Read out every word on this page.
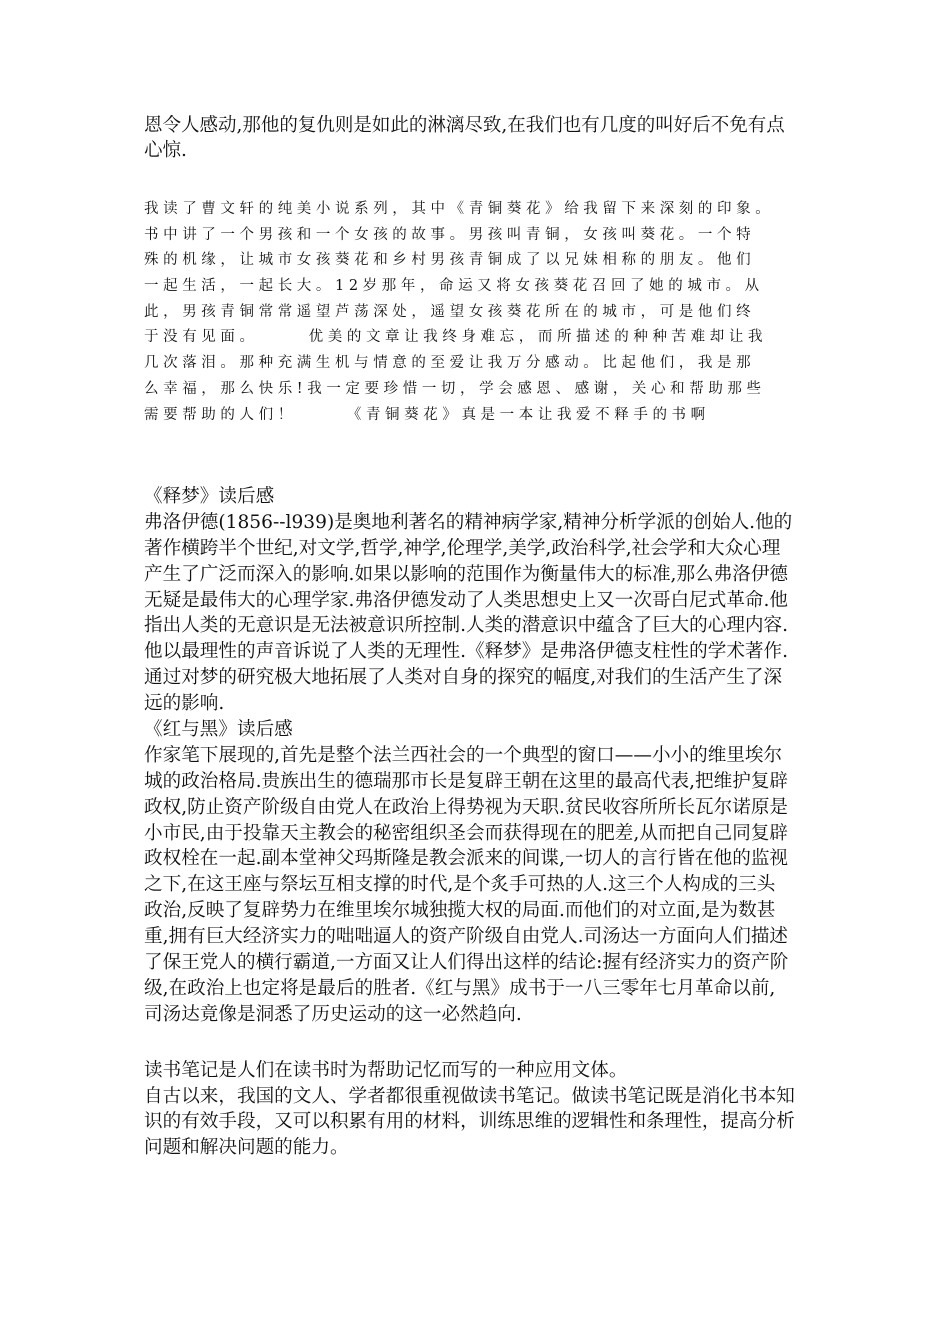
恩令人感动,那他的复仇则是如此的淋漓尽致,在我们也有几度的叫好后不免有点
心惊.
我读了曹文轩的纯美小说系列，其中《青铜葵花》给我留下来深刻的印象。
书中讲了一个男孩和一个女孩的故事。男孩叫青铜，女孩叫葵花。一个特
殊的机缘，让城市女孩葵花和乡村男孩青铜成了以兄妹相称的朋友。他们
一起生活，一起长大。12岁那年，命运又将女孩葵花召回了她的城市。从
此，男孩青铜常常遥望芦荡深处，遥望女孩葵花所在的城市，可是他们终
于没有见面。　　　优美的文章让我终身难忘，而所描述的种种苦难却让我
几次落泪。那种充满生机与情意的至爱让我万分感动。比起他们，我是那
么幸福，那么快乐!我一定要珍惜一切，学会感恩、感谢，关心和帮助那些
需要帮助的人们！　　　《青铜葵花》真是一本让我爱不释手的书啊
《释梦》读后感
弗洛伊德(1856--l939)是奥地利著名的精神病学家,精神分析学派的创始人.他的
著作横跨半个世纪,对文学,哲学,神学,伦理学,美学,政治科学,社会学和大众心理
产生了广泛而深入的影响.如果以影响的范围作为衡量伟大的标准,那么弗洛伊德
无疑是最伟大的心理学家.弗洛伊德发动了人类思想史上又一次哥白尼式革命.他
指出人类的无意识是无法被意识所控制.人类的潜意识中蕴含了巨大的心理内容.
他以最理性的声音诉说了人类的无理性.《释梦》是弗洛伊德支柱性的学术著作.
通过对梦的研究极大地拓展了人类对自身的探究的幅度,对我们的生活产生了深
远的影响.
《红与黑》读后感
作家笔下展现的,首先是整个法兰西社会的一个典型的窗口——小小的维里埃尔
城的政治格局.贵族出生的德瑞那市长是复辟王朝在这里的最高代表,把维护复辟
政权,防止资产阶级自由党人在政治上得势视为天职.贫民收容所所长瓦尔诺原是
小市民,由于投靠天主教会的秘密组织圣会而获得现在的肥差,从而把自己同复辟
政权栓在一起.副本堂神父玛斯隆是教会派来的间谍,一切人的言行皆在他的监视
之下,在这王座与祭坛互相支撑的时代,是个炙手可热的人.这三个人构成的三头
政治,反映了复辟势力在维里埃尔城独揽大权的局面.而他们的对立面,是为数甚
重,拥有巨大经济实力的咄咄逼人的资产阶级自由党人.司汤达一方面向人们描述
了保王党人的横行霸道,一方面又让人们得出这样的结论:握有经济实力的资产阶
级,在政治上也定将是最后的胜者.《红与黑》成书于一八三零年七月革命以前,
司汤达竟像是洞悉了历史运动的这一必然趋向.
读书笔记是人们在读书时为帮助记忆而写的一种应用文体。
自古以来，我国的文人、学者都很重视做读书笔记。做读书笔记既是消化书本知
识的有效手段，又可以积累有用的材料，训练思维的逻辑性和条理性，提高分析
问题和解决问题的能力。
